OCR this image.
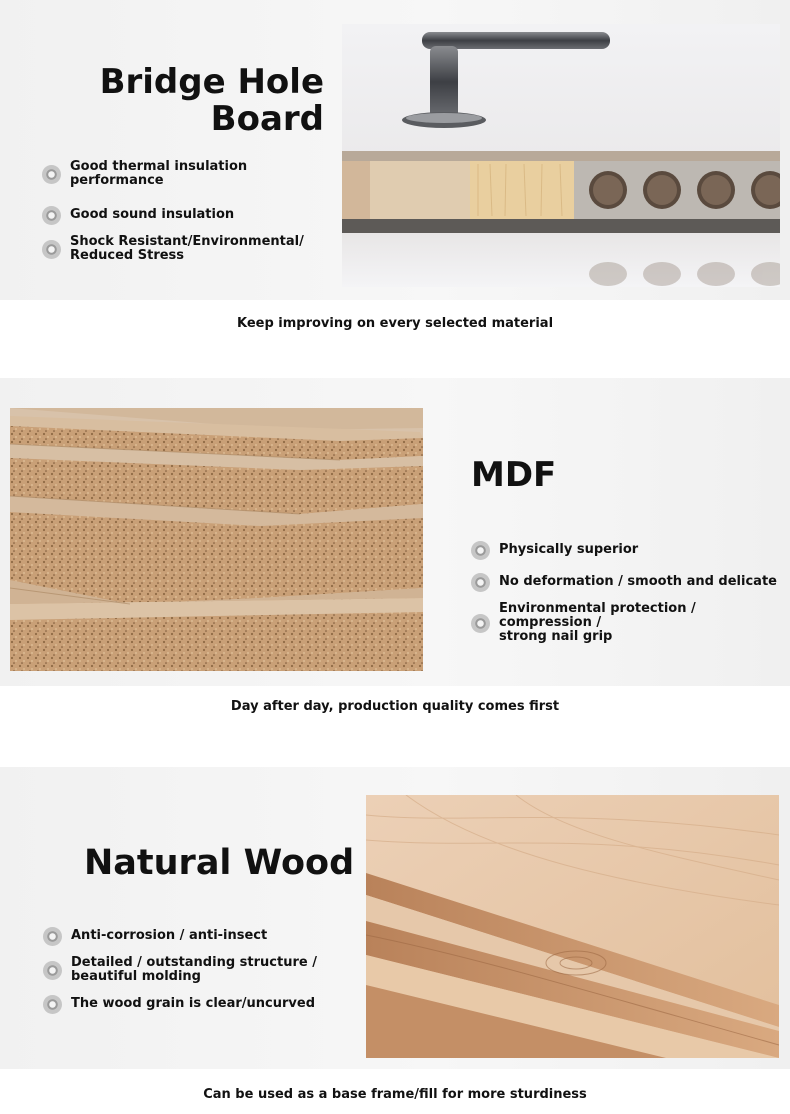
Bridge Hole
Board
Good thermal insulation performance
Good sound insulation
Shock Resistant/Environmental/
Reduced Stress
Keep improving on every selected material
MDF
Physically superior
No deformation / smooth and delicate
Environmental protection / compression /
strong nail grip
Day after day, production quality comes first
Natural Wood
Anti-corrosion / anti-insect
Detailed / outstanding structure /
beautiful molding
The wood grain is clear/uncurved
Can be used as a base frame/fill for more sturdiness
